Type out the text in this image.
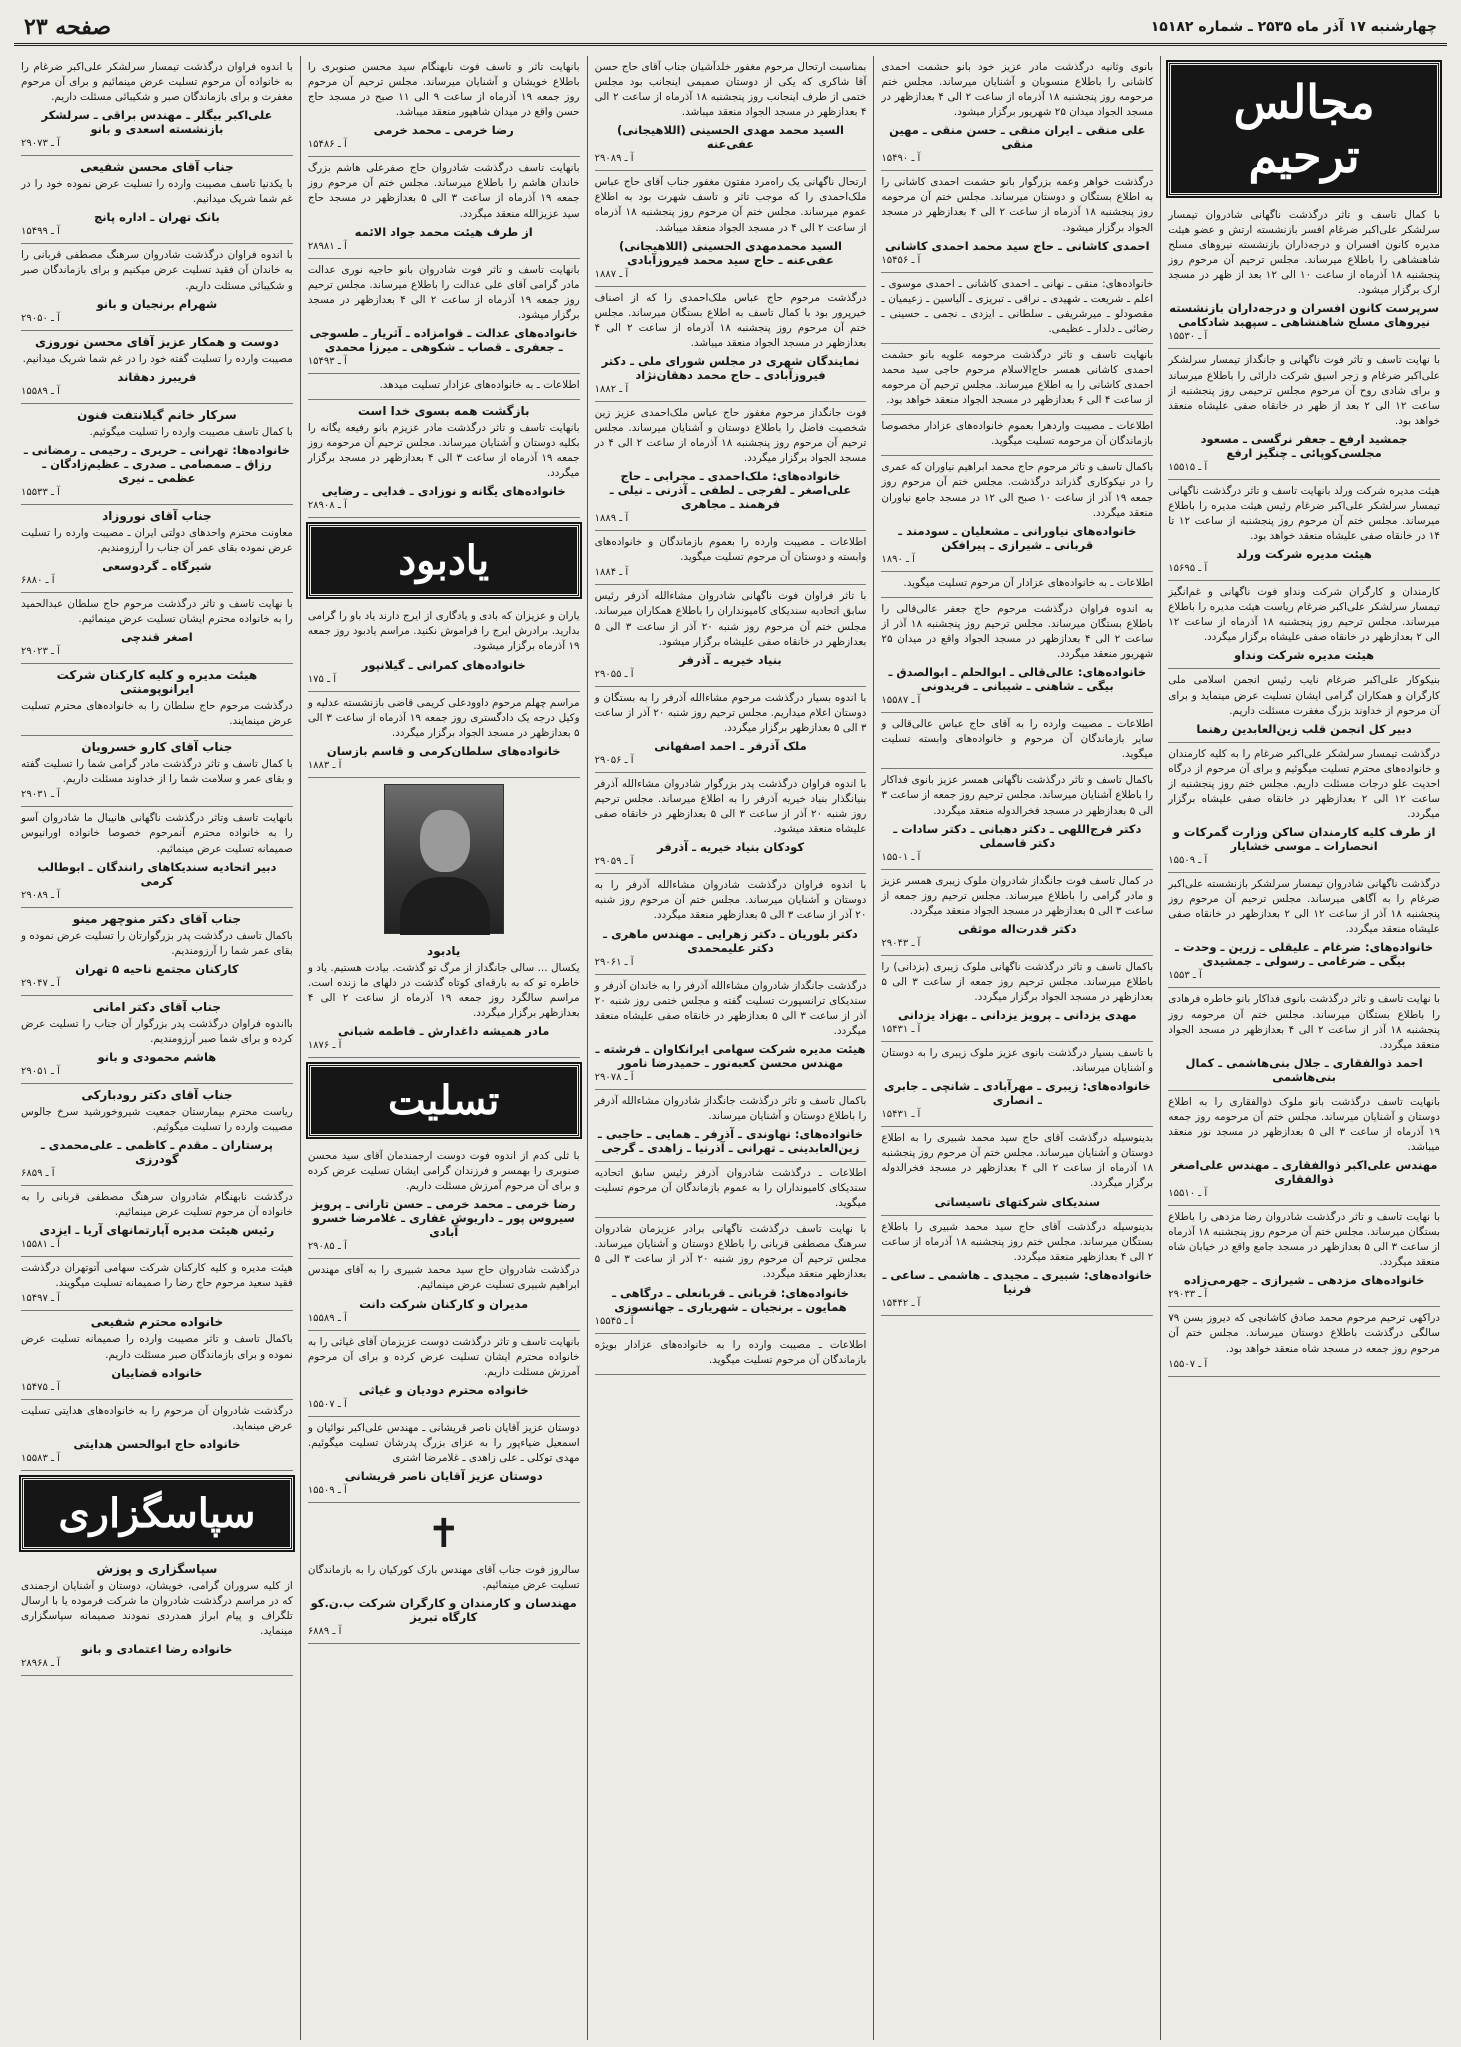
چهارشنبه ۱۷ آذر ماه ۲۵۳۵ ـ شماره ۱۵۱۸۲
صفحه ۲۳
مجالس ترحیم

با کمال تاسف و تاثر درگذشت ناگهانی شادروان تیمسار سرلشکر علی‌اکبر ضرغام افسر بازنشسته ارتش و عضو هیئت مدیره کانون افسران و درجه‌داران بازنشسته نیروهای مسلح شاهنشاهی را باطلاع میرساند. مجلس ترحیم آن مرحوم روز پنجشنبه ۱۸ آذرماه از ساعت ۱۰ الی ۱۲ بعد از ظهر در مسجد ارک برگزار میشود.

سرپرست کانون افسران و درجه‌داران بازنشسته نیروهای مسلح شاهنشاهی ـ سپهبد شادکامی
آ ـ ۱۵۵۳۰

با نهایت تاسف و تاثر فوت ناگهانی و جانگداز تیمسار سرلشکر علی‌اکبر ضرغام و زجر اسیق شرکت دارائی را باطلاع میرساند و برای شادی روح آن مرحوم مجلس ترحیمی روز پنجشنبه از ساعت ۱۲ الی ۲ بعد از ظهر در خانقاه صفی علیشاه منعقد خواهد بود.

جمشید ارفع ـ جعفر نرگسی ـ مسعود مجلسی‌کوپائی ـ چنگیز ارفع
آ ـ ۱۵۵۱۵

هیئت مدیره شرکت ورلد بانهایت تاسف و تاثر درگذشت ناگهانی تیمسار سرلشکر علی‌اکبر ضرغام رئیس هیئت مدیره را باطلاع میرساند. مجلس ختم آن مرحوم روز پنجشنبه از ساعت ۱۲ تا ۱۴ در خانقاه صفی علیشاه منعقد خواهد بود.

هیئت مدیره شرکت ورلد
آ ـ ۱۵۶۹۵

کارمندان و کارگران شرکت ونداو فوت ناگهانی و غم‌انگیز تیمسار سرلشکر علی‌اکبر ضرغام ریاست هیئت مدیره را باطلاع میرساند. مجلس ترحیم روز پنجشنبه ۱۸ آذرماه از ساعت ۱۲ الی ۲ بعدازظهر در خانقاه صفی علیشاه برگزار میگردد.

هیئت مدیره شرکت ونداو

بنیکوکار علی‌اکبر ضرغام نایب رئیس انجمن اسلامی ملی کارگران و همکاران گرامی ایشان تسلیت عرض مینماید و برای آن مرحوم از خداوند بزرگ مغفرت مسئلت داریم.

دبیر کل انجمن قلب زین‌العابدین رهنما

درگذشت تیمسار سرلشکر علی‌اکبر ضرغام را به کلیه کارمندان و خانواده‌های محترم تسلیت میگوئیم و برای آن مرحوم از درگاه احدیت علو درجات مسئلت داریم. مجلس ختم روز پنجشنبه از ساعت ۱۲ الی ۲ بعدازظهر در خانقاه صفی علیشاه برگزار میگردد.

از طرف کلیه کارمندان ساکن وزارت گمرکات و انحصارات ـ موسی خشایار
آ ـ ۱۵۵۰۹

درگذشت ناگهانی شادروان تیمسار سرلشکر بازنشسته علی‌اکبر ضرغام را به آگاهی میرساند. مجلس ترحیم آن مرحوم روز پنجشنبه ۱۸ آذر از ساعت ۱۲ الی ۲ بعدازظهر در خانقاه صفی علیشاه منعقد میگردد.

خانواده‌های: ضرغام ـ علیقلی ـ زرین ـ وحدت ـ بیگی ـ ضرغامی ـ رسولی ـ جمشیدی
آ ـ ۱۵۵۳

با نهایت تاسف و تاثر درگذشت بانوی فداکار بانو خاطره فرهادی را باطلاع بستگان میرساند. مجلس ختم آن مرحومه روز پنجشنبه ۱۸ آذر از ساعت ۲ الی ۴ بعدازظهر در مسجد الجواد منعقد میگردد.

احمد ذوالفقاری ـ جلال بنی‌هاشمی ـ کمال بنی‌هاشمی

بانهایت تاسف درگذشت بانو ملوک ذوالفقاری را به اطلاع دوستان و آشنایان میرساند. مجلس ختم آن مرحومه روز جمعه ۱۹ آذرماه از ساعت ۳ الی ۵ بعدازظهر در مسجد نور منعقد میباشد.

مهندس علی‌اکبر ذوالفقاری ـ مهندس علی‌اصغر ذوالفقاری
آ ـ ۱۵۵۱۰

با نهایت تاسف و تاثر درگذشت شادروان رضا مزدهی را باطلاع بستگان میرساند. مجلس ختم آن مرحوم روز پنجشنبه ۱۸ آذرماه از ساعت ۳ الی ۵ بعدازظهر در مسجد جامع واقع در خیابان شاه منعقد میگردد.

خانواده‌های مزدهی ـ شیرازی ـ جهرمی‌زاده
آ ـ ۲۹۰۳۳

دراکهی ترحیم مرحوم محمد صادق کاشانچی که دیروز بسن ۷۹ سالگی درگذشت باطلاع دوستان میرساند. مجلس ختم آن مرحوم روز جمعه در مسجد شاه منعقد خواهد بود.

آ ـ ۱۵۵۰۷

بانوی وثانیه درگذشت مادر عزیز خود بانو حشمت احمدی کاشانی را باطلاع منسوبان و آشنایان میرساند. مجلس ختم مرحومه روز پنجشنبه ۱۸ آذرماه از ساعت ۲ الی ۴ بعدازظهر در مسجد الجواد میدان ۲۵ شهریور برگزار میشود.

علی منقی ـ ایران منقی ـ حسن منقی ـ مهین منقی
آ ـ ۱۵۴۹۰

درگذشت خواهر وعمه بزرگوار بانو حشمت احمدی کاشانی را به اطلاع بستگان و دوستان میرساند. مجلس ختم آن مرحومه روز پنجشنبه ۱۸ آذرماه از ساعت ۲ الی ۴ بعدازظهر در مسجد الجواد برگزار میشود.

احمدی کاشانی ـ حاج سید محمد احمدی کاشانی
آ ـ ۱۵۴۵۶

خانواده‌های: منقی ـ نهانی ـ احمدی کاشانی ـ احمدی موسوی ـ اعلم ـ شریعت ـ شهیدی ـ نراقی ـ تبریزی ـ آلیاسین ـ زعیمیان ـ مقصودلو ـ میرشریفی ـ سلطانی ـ ایزدی ـ نجمی ـ حسینی ـ رضائی ـ دلدار ـ عظیمی.

بانهایت تاسف و تاثر درگذشت مرحومه علویه بانو حشمت احمدی کاشانی همسر حاج‌الاسلام مرحوم حاجی سید محمد احمدی کاشانی را به اطلاع میرساند. مجلس ترحیم آن مرحومه از ساعت ۴ الی ۶ بعدازظهر در مسجد الجواد منعقد خواهد بود.

اطلاعات ـ مصیبت واردهرا بعموم خانواده‌های عزادار مخصوصا بازماندگان آن مرحومه تسلیت میگوید.

باکمال تاسف و تاثر مرحوم حاج محمد ابراهیم نیاوران که عمری را در نیکوکاری گذراند درگذشت. مجلس ختم آن مرحوم روز جمعه ۱۹ آذر از ساعت ۱۰ صبح الی ۱۲ در مسجد جامع نیاوران منعقد میگردد.

خانواده‌های نیاورانی ـ مشعلیان ـ سودمند ـ قربانی ـ شیرازی ـ پیرافکن
آ ـ ۱۸۹۰

اطلاعات ـ به خانواده‌های عزادار آن مرحوم تسلیت میگوید.

به اندوه فراوان درگذشت مرحوم حاج جعفر عالی‌قالی را باطلاع بستگان میرساند. مجلس ترحیم روز پنجشنبه ۱۸ آذر از ساعت ۲ الی ۴ بعدازظهر در مسجد الجواد واقع در میدان ۲۵ شهریور منعقد میگردد.

خانواده‌های: عالی‌قالی ـ ابوالحلم ـ ابوالصدق ـ بیگی ـ شاهنی ـ شیبانی ـ فریدونی
آ ـ ۱۵۵۸۷

اطلاعات ـ مصیبت وارده را به آقای حاج عباس عالی‌قالی و سایر بازماندگان آن مرحوم و خانواده‌های وابسته تسلیت میگوید.

باکمال تاسف و تاثر درگذشت ناگهانی همسر عزیز بانوی فداکار را باطلاع آشنایان میرساند. مجلس ترحیم روز جمعه از ساعت ۳ الی ۵ بعدازظهر در مسجد فخرالدوله منعقد میگردد.

دکتر فرج‌اللهی ـ دکتر دهبانی ـ دکتر سادات ـ دکتر قاسملی
آ ـ ۱۵۵۰۱

در کمال تاسف فوت جانگداز شادروان ملوک زیبری همسر عزیز و مادر گرامی را باطلاع میرساند. مجلس ترحیم روز جمعه از ساعت ۳ الی ۵ بعدازظهر در مسجد الجواد منعقد میگردد.

دکتر قدرت‌اله موثقی
آ ـ ۲۹۰۴۳

باکمال تاسف و تاثر درگذشت ناگهانی ملوک زیبری (بزدانی) را باطلاع میرساند. مجلس ترحیم روز جمعه از ساعت ۳ الی ۵ بعدازظهر در مسجد الجواد برگزار میگردد.

مهدی یزدانی ـ پرویز یزدانی ـ بهزاد یزدانی
آ ـ ۱۵۴۳۱

با تاسف بسیار درگذشت بانوی عزیز ملوک زیبری را به دوستان و آشنایان میرساند.

خانواده‌های: زیبری ـ مهرآبادی ـ شانچی ـ جابری ـ انصاری
آ ـ ۱۵۴۳۱

بدینوسیله درگذشت آقای حاج سید محمد شبیری را به اطلاع دوستان و آشنایان میرساند. مجلس ختم آن مرحوم روز پنجشنبه ۱۸ آذرماه از ساعت ۲ الی ۴ بعدازظهر در مسجد فخرالدوله برگزار میگردد.

سندیکای شرکتهای تاسیساتی

بدینوسیله درگذشت آقای حاج سید محمد شبیری را باطلاع بستگان میرساند. مجلس ختم روز پنجشنبه ۱۸ آذرماه از ساعت ۲ الی ۴ بعدازظهر منعقد میگردد.

خانواده‌های: شبیری ـ مجیدی ـ هاشمی ـ ساعی ـ فرنیا
آ ـ ۱۵۴۴۲

بمناسبت ارتحال مرحوم مغفور خلدآشیان جناب آقای حاج حسن آقا شاکری که یکی از دوستان صمیمی اینجانب بود مجلس ختمی از طرف اینجانب روز پنجشنبه ۱۸ آذرماه از ساعت ۲ الی ۴ بعدازظهر در مسجد الجواد منعقد میباشد.

السید محمد مهدی الحسینی (اللاهیجانی) عفی‌عنه
آ ـ ۲۹۰۸۹

ارتحال ناگهانی یک راه‌مرد مفتون مغفور جناب آقای حاج عباس ملک‌احمدی را که موجب تاثر و تاسف شهرت بود به اطلاع عموم میرساند. مجلس ختم آن مرحوم روز پنجشنبه ۱۸ آذرماه از ساعت ۲ الی ۴ در مسجد الجواد منعقد میباشد.

السید محمدمهدی الحسینی (اللاهیجانی) عفی‌عنه ـ حاج سید محمد فیروزآبادی
آ ـ ۱۸۸۷

درگذشت مرحوم حاج عباس ملک‌احمدی را که از اصناف خیرپرور بود با کمال تاسف به اطلاع بستگان میرساند. مجلس ختم آن مرحوم روز پنجشنبه ۱۸ آذرماه از ساعت ۲ الی ۴ بعدازظهر در مسجد الجواد منعقد میباشد.

نمایندگان شهری در مجلس شورای ملی ـ دکتر فیروزآبادی ـ حاج محمد دهقان‌نژاد
آ ـ ۱۸۸۲

فوت جانگداز مرحوم مغفور حاج عباس ملک‌احمدی عزیز زین شخصیت فاضل را باطلاع دوستان و آشنایان میرساند. مجلس ترحیم آن مرحوم روز پنجشنبه ۱۸ آذرماه از ساعت ۲ الی ۴ در مسجد الجواد برگزار میگردد.

خانواده‌های: ملک‌احمدی ـ مجرابی ـ حاج علی‌اصغر ـ لفرجی ـ لطفی ـ آذرنی ـ نیلی ـ فرهمند ـ مجاهری
آ ـ ۱۸۸۹

اطلاعات ـ مصیبت وارده را بعموم بازماندگان و خانواده‌های وابسته و دوستان آن مرحوم تسلیت میگوید.

آ ـ ۱۸۸۴

با تاثر فراوان فوت ناگهانی شادروان مشاءالله آذرفر رئیس سابق اتحادیه سندیکای کامیونداران را باطلاع همکاران میرساند. مجلس ختم آن مرحوم روز شنبه ۲۰ آذر از ساعت ۳ الی ۵ بعدازظهر در خانقاه صفی علیشاه برگزار میشود.

بنیاد خیریه ـ آذرفر
آ ـ ۲۹۰۵۵

با اندوه بسیار درگذشت مرحوم مشاءالله آذرفر را به بستگان و دوستان اعلام میداریم. مجلس ترحیم روز شنبه ۲۰ آذر از ساعت ۳ الی ۵ بعدازظهر برگزار میگردد.

ملک آذرفر ـ احمد اصفهانی
آ ـ ۲۹۰۵۶

با اندوه فراوان درگذشت پدر بزرگوار شادروان مشاءالله آذرفر بنیانگذار بنیاد خیریه آذرفر را به اطلاع میرساند. مجلس ترحیم روز شنبه ۲۰ آذر از ساعت ۳ الی ۵ بعدازظهر در خانقاه صفی علیشاه منعقد میشود.

کودکان بنیاد خیریه ـ آذرفر
آ ـ ۲۹۰۵۹

با اندوه فراوان درگذشت شادروان مشاءالله آذرفر را به دوستان و آشنایان میرساند. مجلس ختم آن مرحوم روز شنبه ۲۰ آذر از ساعت ۳ الی ۵ بعدازظهر منعقد میگردد.

دکتر بلوریان ـ دکتر زهرایی ـ مهندس ماهری ـ دکتر علیمحمدی
آ ـ ۲۹۰۶۱

درگذشت جانگداز شادروان مشاءالله آذرفر را به خاندان آذرفر و سندیکای ترانسپورت تسلیت گفته و مجلس ختمی روز شنبه ۲۰ آذر از ساعت ۳ الی ۵ بعدازظهر در خانقاه صفی علیشاه منعقد میگردد.

هیئت مدیره شرکت سهامی ایرانکاوان ـ فرشته ـ مهندس محسن کعبه‌نور ـ حمیدرضا نامور
آ ـ ۲۹۰۷۸

باکمال تاسف و تاثر درگذشت جانگداز شادروان مشاءالله آذرفر را باطلاع دوستان و آشنایان میرساند.

خانواده‌های: نهاوندی ـ آذرفر ـ همایی ـ حاجبی ـ زین‌العابدینی ـ تهرانی ـ آذرنیا ـ زاهدی ـ گرجی

اطلاعات ـ درگذشت شادروان آذرفر رئیس سابق اتحادیه سندیکای کامیونداران را به عموم بازماندگان آن مرحوم تسلیت میگوید.

با نهایت تاسف درگذشت ناگهانی برادر عزیزمان شادروان سرهنگ مصطفی قربانی را باطلاع دوستان و آشنایان میرساند. مجلس ترحیم آن مرحوم روز شنبه ۲۰ آذر از ساعت ۳ الی ۵ بعدازظهر منعقد میگردد.

خانواده‌های: قربانی ـ قربانعلی ـ درگاهی ـ همایون ـ برنجیان ـ شهریاری ـ جهانسوزی
آ ـ ۱۵۵۴۵

اطلاعات ـ مصیبت وارده را به خانواده‌های عزادار بویژه بازماندگان آن مرحوم تسلیت میگوید.

بانهایت تاثر و تاسف فوت نابهنگام سید محسن صنوبری را باطلاع خویشان و آشنایان میرساند. مجلس ترحیم آن مرحوم روز جمعه ۱۹ آذرماه از ساعت ۹ الی ۱۱ صبح در مسجد حاج حسن واقع در میدان شاهپور منعقد میباشد.

رضا خرمی ـ محمد خرمی
آ ـ ۱۵۴۸۶

بانهایت تاسف درگذشت شادروان حاج صفرعلی هاشم بزرگ خاندان هاشم را باطلاع میرساند. مجلس ختم آن مرحوم روز جمعه ۱۹ آذرماه از ساعت ۳ الی ۵ بعدازظهر در مسجد حاج سید عزیزالله منعقد میگردد.

از طرف هیئت محمد جواد الائمه
آ ـ ۲۸۹۸۱

بانهایت تاسف و تاثر فوت شادروان بانو حاجیه نوری عدالت مادر گرامی آقای علی عدالت را باطلاع میرساند. مجلس ترحیم روز جمعه ۱۹ آذرماه از ساعت ۲ الی ۴ بعدازظهر در مسجد برگزار میشود.

خانواده‌های عدالت ـ قوامزاده ـ آثریار ـ طسوجی ـ جعفری ـ قصاب ـ شکوهی ـ میرزا محمدی
آ ـ ۱۵۴۹۳

اطلاعات ـ به خانواده‌های عزادار تسلیت میدهد.

بازگشت همه بسوی خدا است

بانهایت تاسف و تاثر درگذشت مادر عزیزم بانو رفیعه یگانه را بکلیه دوستان و آشنایان میرساند. مجلس ترحیم آن مرحومه روز جمعه ۱۹ آذرماه از ساعت ۳ الی ۴ بعدازظهر در مسجد برگزار میگردد.

خانواده‌های یگانه و نوزادی ـ فدایی ـ رضایی
آ ـ ۲۸۹۰۸
یادبود

یاران و عزیزان که بادی و یادگاری از ایرج دارند یاد باو را گرامی بدارید. برادرش ایرج را فراموش نکنید. مراسم یادبود روز جمعه ۱۹ آذرماه برگزار میشود.

خانواده‌های کمرانی ـ گیلانپور
آ ـ ۱۷۵

مراسم چهلم مرحوم داوودعلی کریمی قاضی بازنشسته عدلیه و وکیل درجه یک دادگستری روز جمعه ۱۹ آذرماه از ساعت ۳ الی ۵ بعدازظهر در مسجد الجواد برگزار میگردد.

خانواده‌های سلطان‌کرمی و قاسم بازسان
آ ـ ۱۸۸۳
یادبود

یکسال ... سالی جانگداز از مرگ تو گذشت. بیادت هستیم. یاد و خاطره تو که به بارقه‌ای کوتاه گذشت در دلهای ما زنده است. مراسم سالگرد روز جمعه ۱۹ آذرماه از ساعت ۲ الی ۴ بعدازظهر برگزار میگردد.

مادر همیشه داغدارش ـ فاطمه شبانی
آ ـ ۱۸۷۶
تسلیت

با ثلی کدم از اندوه فوت دوست ارجمندمان آقای سید محسن صنوبری را بهمسر و فرزندان گرامی ایشان تسلیت عرض کرده و برای آن مرحوم آمرزش مسئلت داریم.

رضا خرمی ـ محمد خرمی ـ حسن تارانی ـ پرویز سیروس پور ـ داریوش غفاری ـ غلامرضا خسرو آبادی
آ ـ ۲۹۰۸۵

درگذشت شادروان حاج سید محمد شبیری را به آقای مهندس ابراهیم شبیری تسلیت عرض مینمائیم.

مدیران و کارکنان شرکت دانت
آ ـ ۱۵۵۸۹

بانهایت تاسف و تاثر درگذشت دوست عزیزمان آقای غیاثی را به خانواده محترم ایشان تسلیت عرض کرده و برای آن مرحوم آمرزش مسئلت داریم.

خانواده محترم دودیان و غیاثی
آ ـ ۱۵۵۰۷

دوستان عزیز آقایان ناصر قریشانی ـ مهندس علی‌اکبر نوائیان و اسمعیل ضیاءپور را به عزای بزرگ پدرشان تسلیت میگوئیم. مهدی توکلی ـ علی زاهدی ـ غلامرضا اشتری

دوستان عزیز آقایان ناصر قریشانی
آ ـ ۱۵۵۰۹
✝

سالروز فوت جناب آقای مهندس بارک کورکیان را به بازماندگان تسلیت عرض مینمائیم.

مهندسان و کارمندان و کارگران شرکت ب.ن.کو کارگاه تبریز
آ ـ ۶۸۸۹

با اندوه فراوان درگذشت تیمسار سرلشکر علی‌اکبر ضرغام را به خانواده آن مرحوم تسلیت عرض مینمائیم و برای آن مرحوم مغفرت و برای بازماندگان صبر و شکیبائی مسئلت داریم.

علی‌اکبر بیگلر ـ مهندس براقی ـ سرلشکر بازنشسته اسعدی و بانو
آ ـ ۲۹۰۷۳
جناب آقای محسن شفیعی

با یکدنیا تاسف مصیبت وارده را تسلیت عرض نموده خود را در غم شما شریک میدانیم.

بانک تهران ـ اداره پانچ
آ ـ ۱۵۴۹۹

با اندوه فراوان درگذشت شادروان سرهنگ مصطفی قربانی را به خاندان آن فقید تسلیت عرض میکنیم و برای بازماندگان صبر و شکیبائی مسئلت داریم.

شهرام برنجیان و بانو
آ ـ ۲۹۰۵۰
دوست و همکار عزیز آقای محسن نوروزی

مصیبت وارده را تسلیت گفته خود را در غم شما شریک میدانیم.

فریبرز دهقاند
آ ـ ۱۵۵۸۹
سرکار خانم گیلانتفت فنون

با کمال تاسف مصیبت وارده را تسلیت میگوئیم.

خانواده‌ها: تهرانی ـ حریری ـ رحیمی ـ رمضانی ـ رزاق ـ صمصامی ـ صدری ـ عظیم‌زادگان ـ عظمی ـ نیری
آ ـ ۱۵۵۳۳
جناب آقای نوروزاد

معاونت محترم واحدهای دولتی ایران ـ مصیبت وارده را تسلیت عرض نموده بقای عمر آن جناب را آرزومندیم.

شیرگاه ـ گردوسعی
آ ـ ۶۸۸۰

با نهایت تاسف و تاثر درگذشت مرحوم حاج سلطان عبدالحمید را به خانواده محترم ایشان تسلیت عرض مینمائیم.

اصغر قندچی
آ ـ ۲۹۰۲۳
هیئت مدیره و کلیه کارکنان شرکت ایرانوپومنتی

درگذشت مرحوم حاج سلطان را به خانواده‌های محترم تسلیت عرض مینمایند.

جناب آقای کارو خسرویان

با کمال تاسف و تاثر درگذشت مادر گرامی شما را تسلیت گفته و بقای عمر و سلامت شما را از خداوند مسئلت داریم.

آ ـ ۲۹۰۳۱

بانهایت تاسف وتاثر درگذشت ناگهانی هانیبال ما شادروان آسو را به خانواده محترم آنمرحوم خصوصا خانواده اورانیوس صمیمانه تسلیت عرض مینمائیم.

دبیر اتحادیه سندیکاهای رانندگان ـ ابوطالب کرمی
آ ـ ۲۹۰۸۹
جناب آقای دکتر منوچهر مینو

باکمال تاسف درگذشت پدر بزرگوارتان را تسلیت عرض نموده و بقای عمر شما را آرزومندیم.

کارکنان مجتمع ناحیه ۵ تهران
آ ـ ۲۹۰۴۷
جناب آقای دکتر امانی

بااندوه فراوان درگذشت پدر بزرگوار آن جناب را تسلیت عرض کرده و برای شما صبر آرزومندیم.

هاشم محمودی و بانو
آ ـ ۲۹۰۵۱
جناب آقای دکتر رودبارکی

ریاست محترم بیمارستان جمعیت شیروخورشید سرخ جالوس مصیبت وارده را تسلیت میگوئیم.

پرستاران ـ مقدم ـ کاظمی ـ علی‌محمدی ـ گودرزی
آ ـ ۶۸۵۹

درگذشت نابهنگام شادروان سرهنگ مصطفی قربانی را به خانواده آن مرحوم تسلیت عرض مینمائیم.

رئیس هیئت مدیره آپارتمانهای آریا ـ ایزدی
آ ـ ۱۵۵۸۱

هیئت مدیره و کلیه کارکنان شرکت سهامی آتوتهران درگذشت فقید سعید مرحوم حاج رضا را صمیمانه تسلیت میگویند.

آ ـ ۱۵۴۹۷
خانواده محترم شفیعی

باکمال تاسف و تاثر مصیبت وارده را صمیمانه تسلیت عرض نموده و برای بازماندگان صبر مسئلت داریم.

خانواده قضاییان
آ ـ ۱۵۴۷۵

درگذشت شادروان آن مرحوم را به خانواده‌های هدایتی تسلیت عرض مینماید.

خانواده حاج ابوالحسن هدایتی
آ ـ ۱۵۵۸۳
سپاسگزاری
سپاسگزاری و پوزش

از کلیه سروران گرامی، خویشان، دوستان و آشنایان ارجمندی که در مراسم درگذشت شادروان ما شرکت فرموده یا با ارسال تلگراف و پیام ابراز همدردی نمودند صمیمانه سپاسگزاری مینماید.

خانواده رضا اعتمادی و بانو
آ ـ ۲۸۹۶۸
